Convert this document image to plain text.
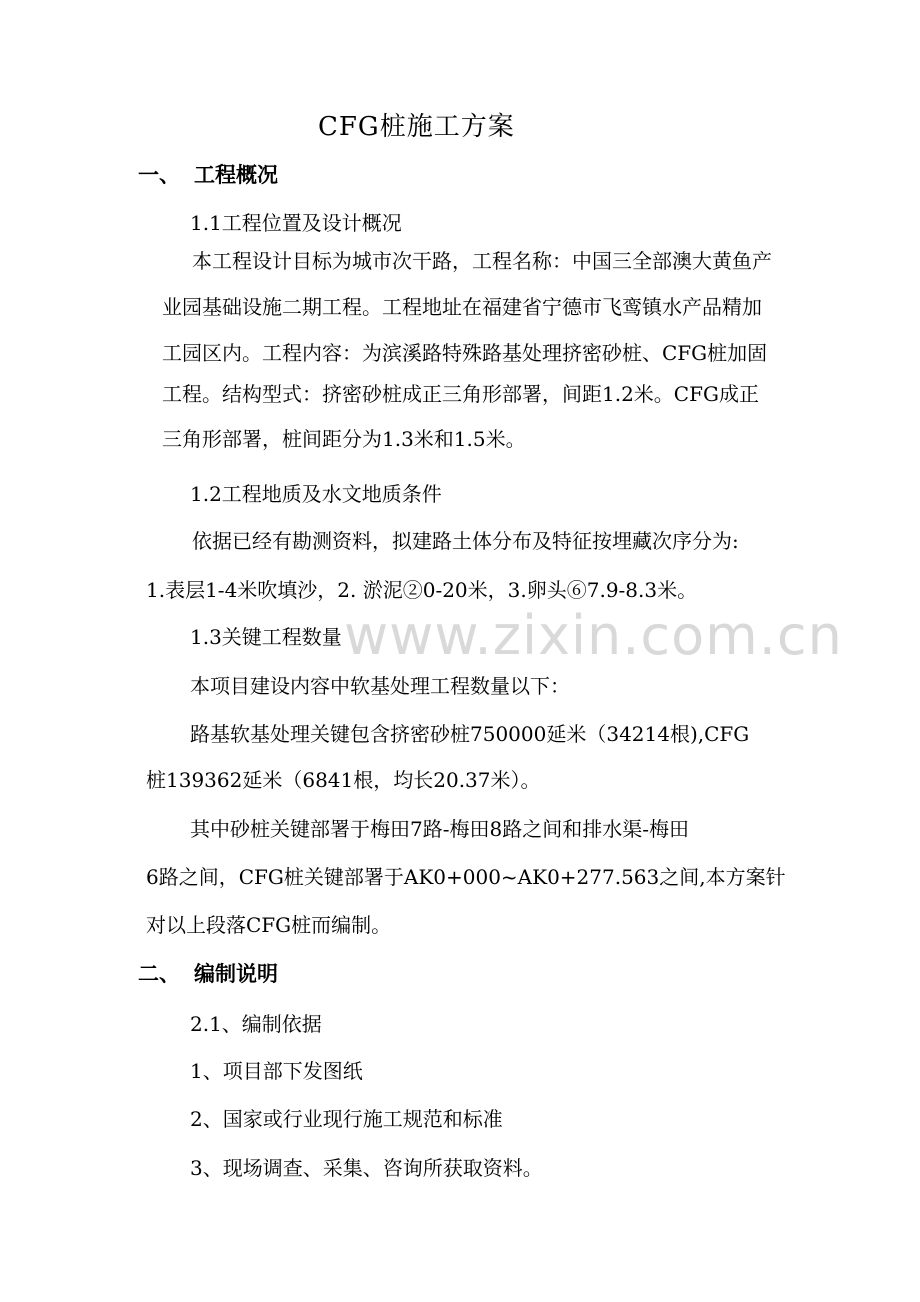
www.zixin.com.cn
CFG桩施工方案
一、 工程概况
1.1工程位置及设计概况
本工程设计目标为城市次干路，工程名称：中国三全部澳大黄鱼产
业园基础设施二期工程。工程地址在福建省宁德市飞鸾镇水产品精加
工园区内。工程内容：为滨溪路特殊路基处理挤密砂桩、CFG桩加固
工程。结构型式：挤密砂桩成正三角形部署，间距1.2米。CFG成正
三角形部署，桩间距分为1.3米和1.5米。
1.2工程地质及水文地质条件
依据已经有勘测资料，拟建路土体分布及特征按埋藏次序分为:
1.表层1-4米吹填沙，2. 淤泥②0-20米，3.卵头⑥7.9-8.3米。
1.3关键工程数量
本项目建设内容中软基处理工程数量以下：
路基软基处理关键包含挤密砂桩750000延米（34214根),CFG
桩139362延米（6841根，均长20.37米）。
其中砂桩关键部署于梅田7路-梅田8路之间和排水渠-梅田
6路之间，CFG桩关键部署于AK0+000~AK0+277.563之间,本方案针
对以上段落CFG桩而编制。
二、 编制说明
2.1、编制依据
1、项目部下发图纸
2、国家或行业现行施工规范和标准
3、现场调查、采集、咨询所获取资料。
